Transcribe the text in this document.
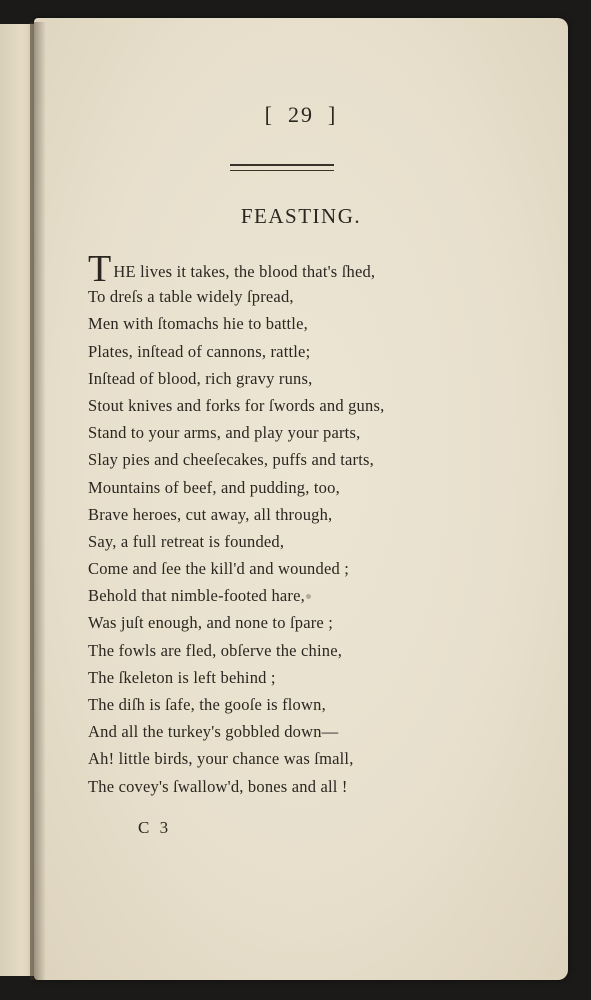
[ 29 ]
FEASTING.
THE lives it takes, the blood that's ſhed,
To dreſs a table widely ſpread,
Men with ſtomachs hie to battle,
Plates, inſtead of cannons, rattle;
Inſtead of blood, rich gravy runs,
Stout knives and forks for ſwords and guns,
Stand to your arms, and play your parts,
Slay pies and cheeſecakes, puffs and tarts,
Mountains of beef, and pudding, too,
Brave heroes, cut away, all through,
Say, a full retreat is founded,
Come and ſee the kill'd and wounded ;
Behold that nimble-footed hare,
Was juſt enough, and none to ſpare ;
The fowls are fled, obſerve the chine,
The ſkeleton is left behind ;
The diſh is ſafe, the gooſe is flown,
And all the turkey's gobbled down—
Ah! little birds, your chance was ſmall,
The covey's ſwallow'd, bones and all !
C 3
